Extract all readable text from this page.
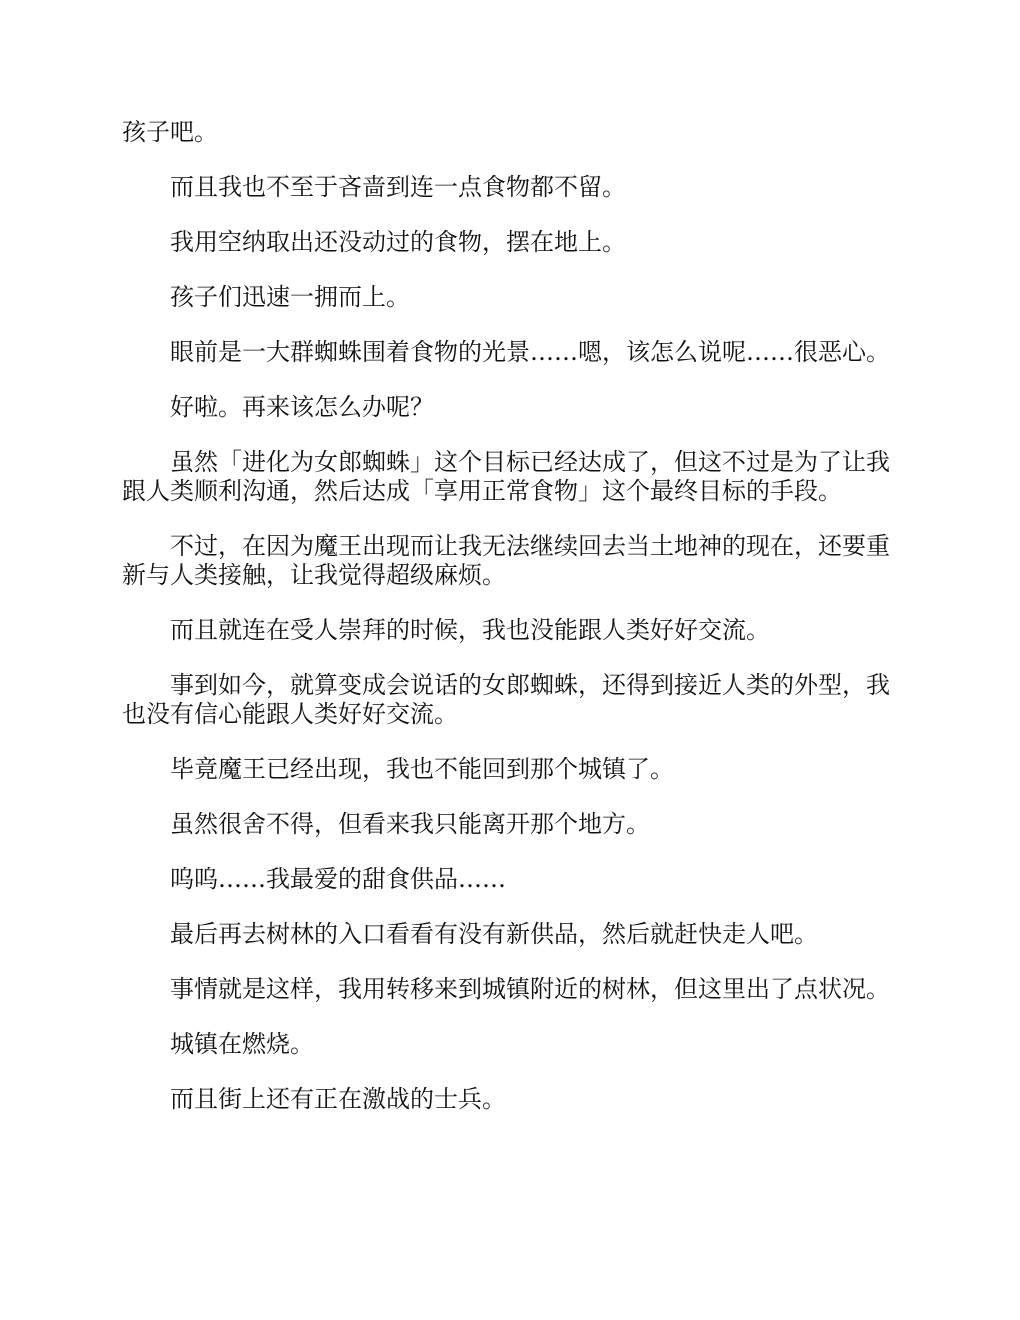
孩子吧。

而且我也不至于吝啬到连一点食物都不留。

我用空纳取出还没动过的食物，摆在地上。

孩子们迅速一拥而上。

眼前是一大群蜘蛛围着食物的光景……嗯，该怎么说呢……很恶心。

好啦。再来该怎么办呢？

虽然「进化为女郎蜘蛛」这个目标已经达成了，但这不过是为了让我跟人类顺利沟通，然后达成「享用正常食物」这个最终目标的手段。

不过，在因为魔王出现而让我无法继续回去当土地神的现在，还要重新与人类接触，让我觉得超级麻烦。

而且就连在受人崇拜的时候，我也没能跟人类好好交流。

事到如今，就算变成会说话的女郎蜘蛛，还得到接近人类的外型，我也没有信心能跟人类好好交流。

毕竟魔王已经出现，我也不能回到那个城镇了。

虽然很舍不得，但看来我只能离开那个地方。

呜呜……我最爱的甜食供品……

最后再去树林的入口看看有没有新供品，然后就赶快走人吧。

事情就是这样，我用转移来到城镇附近的树林，但这里出了点状况。

城镇在燃烧。

而且街上还有正在激战的士兵。
